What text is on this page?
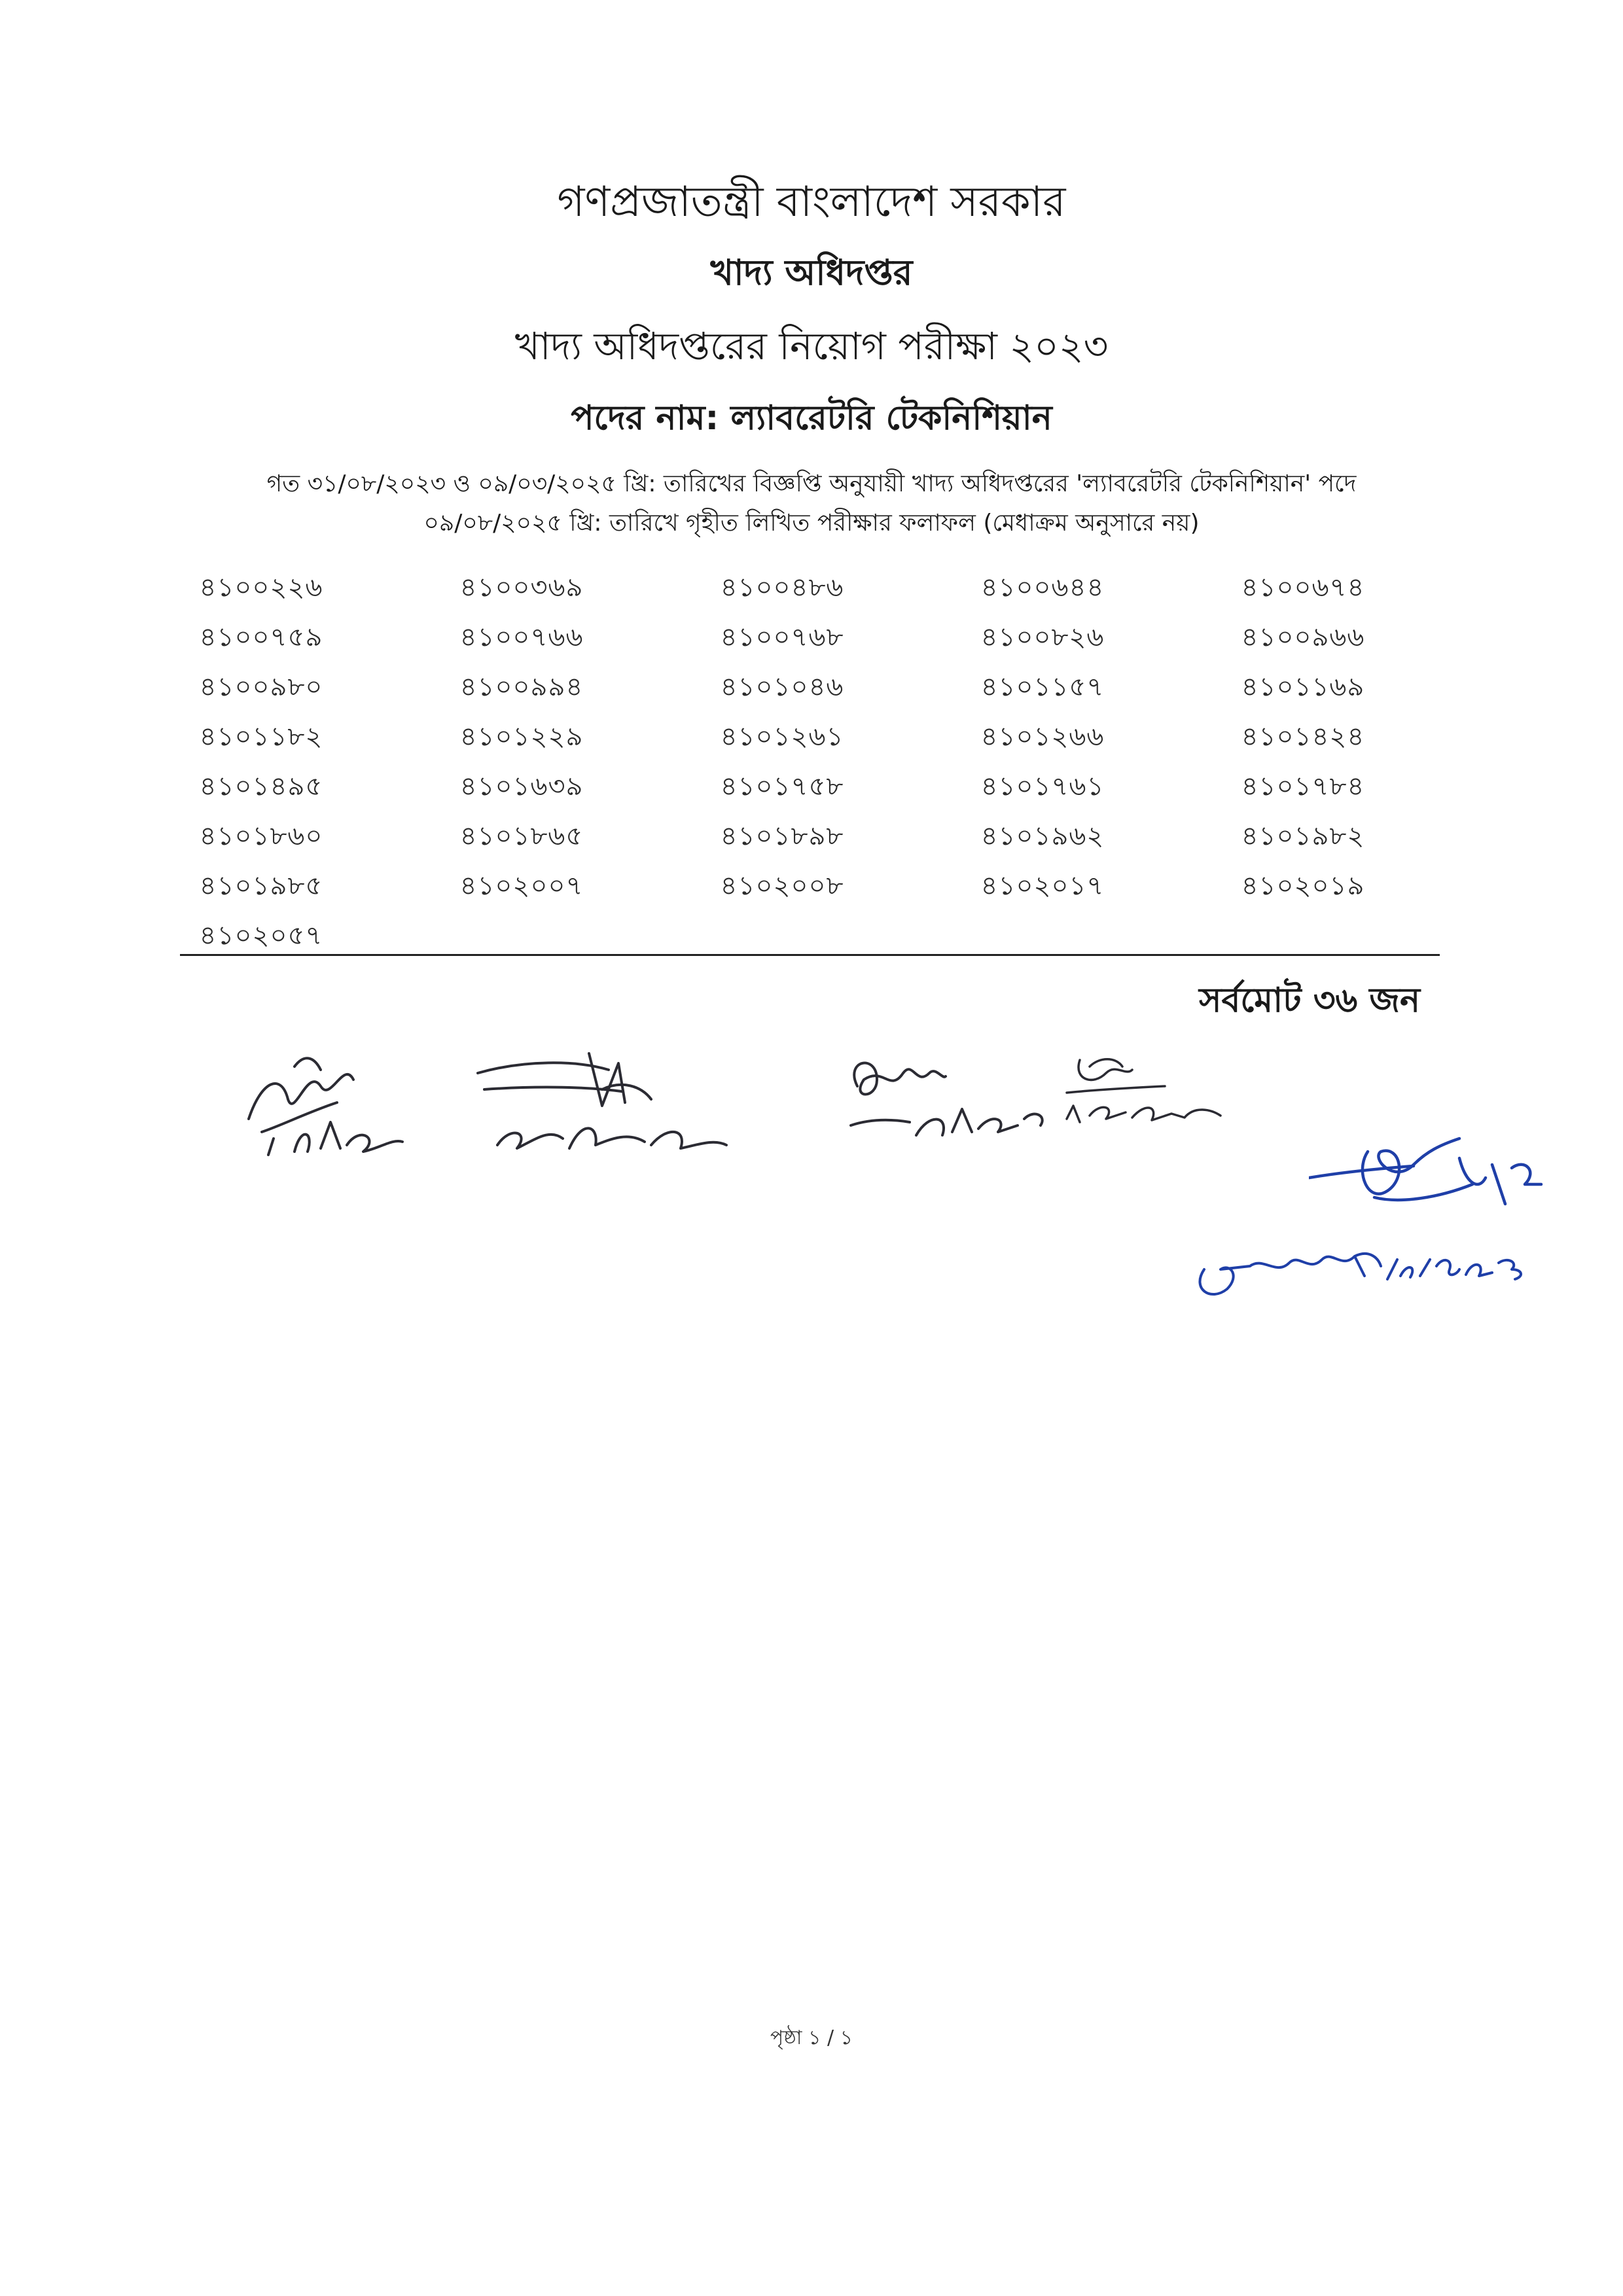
গণপ্রজাতন্ত্রী বাংলাদেশ সরকার
খাদ্য অধিদপ্তর
খাদ্য অধিদপ্তরের নিয়োগ পরীক্ষা ২০২৩
পদের নাম: ল্যাবরেটরি টেকনিশিয়ান
গত ৩১/০৮/২০২৩ ও ০৯/০৩/২০২৫ খ্রি: তারিখের বিজ্ঞপ্তি অনুযায়ী খাদ্য অধিদপ্তরের 'ল্যাবরেটরি টেকনিশিয়ান' পদে
০৯/০৮/২০২৫ খ্রি: তারিখে গৃহীত লিখিত পরীক্ষার ফলাফল (মেধাক্রম অনুসারে নয়)
৪১০০২২৬	৪১০০৩৬৯	৪১০০৪৮৬	৪১০০৬৪৪	৪১০০৬৭৪
৪১০০৭৫৯	৪১০০৭৬৬	৪১০০৭৬৮	৪১০০৮২৬	৪১০০৯৬৬
৪১০০৯৮০	৪১০০৯৯৪	৪১০১০৪৬	৪১০১১৫৭	৪১০১১৬৯
৪১০১১৮২	৪১০১২২৯	৪১০১২৬১	৪১০১২৬৬	৪১০১৪২৪
৪১০১৪৯৫	৪১০১৬৩৯	৪১০১৭৫৮	৪১০১৭৬১	৪১০১৭৮৪
৪১০১৮৬০	৪১০১৮৬৫	৪১০১৮৯৮	৪১০১৯৬২	৪১০১৯৮২
৪১০১৯৮৫	৪১০২০০৭	৪১০২০০৮	৪১০২০১৭	৪১০২০১৯
৪১০২০৫৭
সর্বমোট ৩৬ জন
পৃষ্ঠা ১ / ১
